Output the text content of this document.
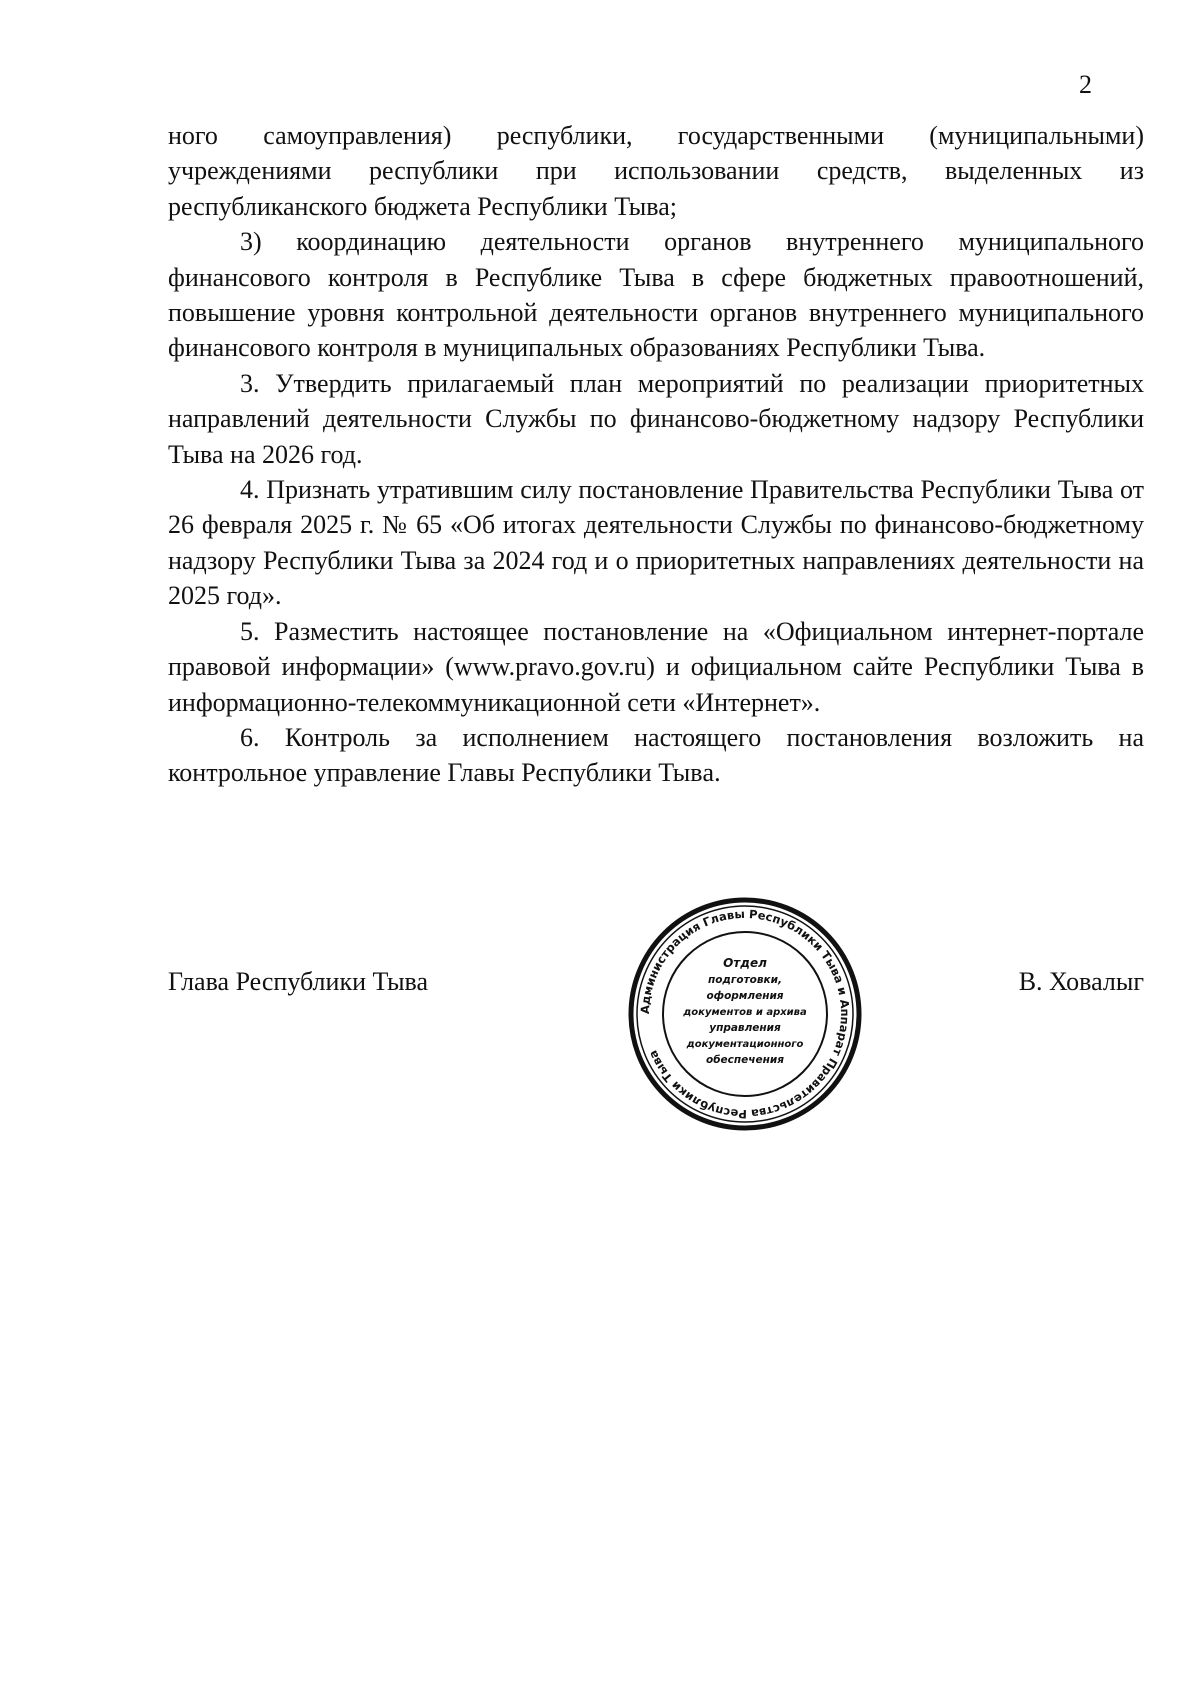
2

ного самоуправления) республики, государственными (муниципальными) учреждениями республики при использовании средств, выделенных из республиканского бюджета Республики Тыва;

3) координацию деятельности органов внутреннего муниципального финансового контроля в Республике Тыва в сфере бюджетных правоотношений, повышение уровня контрольной деятельности органов внутреннего муниципального финансового контроля в муниципальных образованиях Республики Тыва.

3. Утвердить прилагаемый план мероприятий по реализации приоритетных направлений деятельности Службы по финансово-бюджетному надзору Республики Тыва на 2026 год.

4. Признать утратившим силу постановление Правительства Республики Тыва от 26 февраля 2025 г. № 65 «Об итогах деятельности Службы по финансово-бюджетному надзору Республики Тыва за 2024 год и о приоритетных направлениях деятельности на 2025 год».

5. Разместить настоящее постановление на «Официальном интернет-портале правовой информации» (www.pravo.gov.ru) и официальном сайте Республики Тыва в информационно-телекоммуникационной сети «Интернет».

6. Контроль за исполнением настоящего постановления возложить на контрольное управление Главы Республики Тывa.

Глава Республики Тыва	В. Ховалыг
Администрация Главы Республики Тыва и Аппарат Правительства Республики Тыва
Отдел
подготовки,
оформления
документов и архива
управления
документационного
обеспечения
